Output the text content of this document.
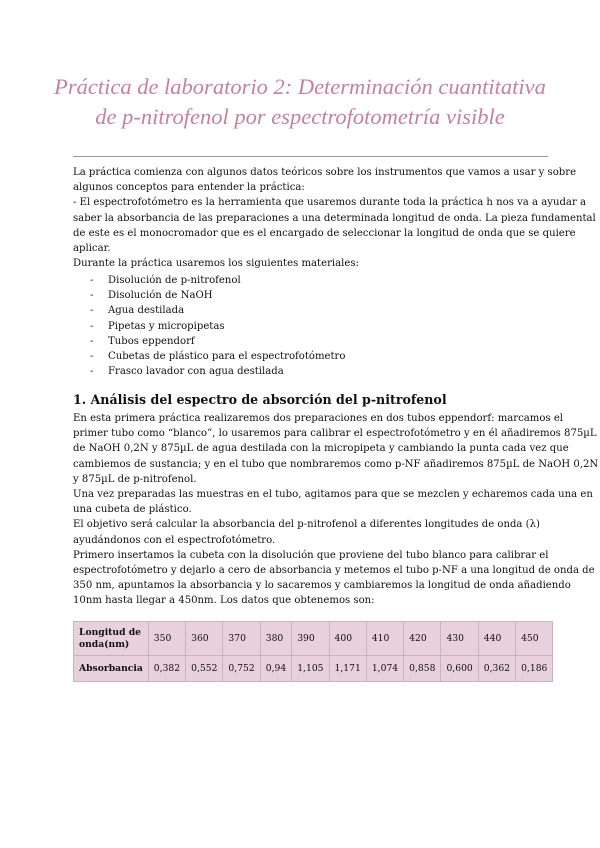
Práctica de laboratorio 2: Determinación cuantitativa
de p-nitrofenol por espectrofotometría visible
La práctica comienza con algunos datos teóricos sobre los instrumentos que vamos a usar y sobre
algunos conceptos para entender la práctica:
- El espectrofotómetro es la herramienta que usaremos durante toda la práctica h nos va a ayudar a
saber la absorbancia de las preparaciones a una determinada longitud de onda. La pieza fundamental
de este es el monocromador que es el encargado de seleccionar la longitud de onda que se quiere
aplicar.
Durante la práctica usaremos los siguientes materiales:
- Disolución de p-nitrofenol
- Disolución de NaOH
- Agua destilada
- Pipetas y micropipetas
- Tubos eppendorf
- Cubetas de plástico para el espectrofotómetro
- Frasco lavador con agua destilada
1. Análisis del espectro de absorción del p-nitrofenol
En esta primera práctica realizaremos dos preparaciones en dos tubos eppendorf: marcamos el
primer tubo como “blanco”, lo usaremos para calibrar el espectrofotómetro y en él añadiremos 875µL
de NaOH 0,2N y 875µL de agua destilada con la micropipeta y cambiando la punta cada vez que
cambiemos de sustancia; y en el tubo que nombraremos como p-NF añadiremos 875µL de NaOH 0,2N
y 875µL de p-nitrofenol.
Una vez preparadas las muestras en el tubo, agitamos para que se mezclen y echaremos cada una en
una cubeta de plástico.
El objetivo será calcular la absorbancia del p-nitrofenol a diferentes longitudes de onda (λ)
ayudándonos con el espectrofotómetro.
Primero insertamos la cubeta con la disolución que proviene del tubo blanco para calibrar el
espectrofotómetro y dejarlo a cero de absorbancia y metemos el tubo p-NF a una longitud de onda de
350 nm, apuntamos la absorbancia y lo sacaremos y cambiaremos la longitud de onda añadiendo
10nm hasta llegar a 450nm. Los datos que obtenemos son:
Longitud de onda(nm)	350	360	370	380	390	400	410	420	430	440	450
Absorbancia	0,382	0,552	0,752	0,94	1,105	1,171	1,074	0,858	0,600	0,362	0,186
